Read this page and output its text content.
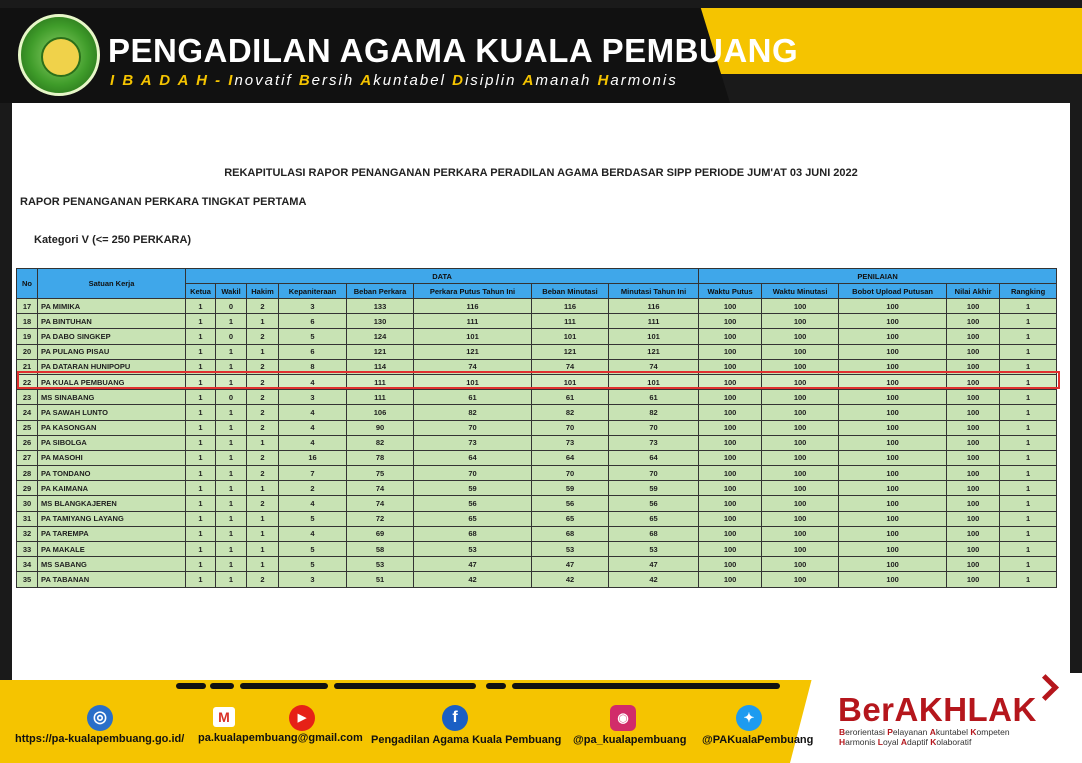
PENGADILAN AGAMA KUALA PEMBUANG
I B A D A H - Inovatif Bersih Akuntabel Disiplin Amanah Harmonis
REKAPITULASI RAPOR PENANGANAN PERKARA PERADILAN AGAMA BERDASAR SIPP PERIODE JUM'AT 03 JUNI 2022
RAPOR PENANGANAN PERKARA TINGKAT PERTAMA
Kategori V (<= 250 PERKARA)
No	Satuan Kerja	DATA								PENILAIAN				
		Ketua	Wakil	Hakim	Kepaniteraan	Beban Perkara	Perkara Putus Tahun Ini	Beban Minutasi	Minutasi Tahun Ini	Waktu Putus	Waktu Minutasi	Bobot Upload Putusan	Nilai Akhir	Rangking
17	PA MIMIKA	1	0	2	3	133	116	116	116	100	100	100	100	1
18	PA BINTUHAN	1	1	1	6	130	111	111	111	100	100	100	100	1
19	PA DABO SINGKEP	1	0	2	5	124	101	101	101	100	100	100	100	1
20	PA PULANG PISAU	1	1	1	6	121	121	121	121	100	100	100	100	1
21	PA DATARAN HUNIPOPU	1	1	2	8	114	74	74	74	100	100	100	100	1
22	PA KUALA PEMBUANG	1	1	2	4	111	101	101	101	100	100	100	100	1
23	MS SINABANG	1	0	2	3	111	61	61	61	100	100	100	100	1
24	PA SAWAH LUNTO	1	1	2	4	106	82	82	82	100	100	100	100	1
25	PA KASONGAN	1	1	2	4	90	70	70	70	100	100	100	100	1
26	PA SIBOLGA	1	1	1	4	82	73	73	73	100	100	100	100	1
27	PA MASOHI	1	1	2	16	78	64	64	64	100	100	100	100	1
28	PA TONDANO	1	1	2	7	75	70	70	70	100	100	100	100	1
29	PA KAIMANA	1	1	1	2	74	59	59	59	100	100	100	100	1
30	MS BLANGKAJEREN	1	1	2	4	74	56	56	56	100	100	100	100	1
31	PA TAMIYANG LAYANG	1	1	1	5	72	65	65	65	100	100	100	100	1
32	PA TAREMPA	1	1	1	4	69	68	68	68	100	100	100	100	1
33	PA MAKALE	1	1	1	5	58	53	53	53	100	100	100	100	1
34	MS SABANG	1	1	1	5	53	47	47	47	100	100	100	100	1
35	PA TABANAN	1	1	2	3	51	42	42	42	100	100	100	100	1
BerAKHLAK
Berorientasi Pelayanan Akuntabel Kompeten
Harmonis Loyal Adaptif Kolaboratif
◎
https://pa-kualapembuang.go.id/
M
pa.kualapembuang@gmail.com
▶	f
Pengadilan Agama Kuala Pembuang
◉
@pa_kualapembuang
✦
@PAKualaPembuang
